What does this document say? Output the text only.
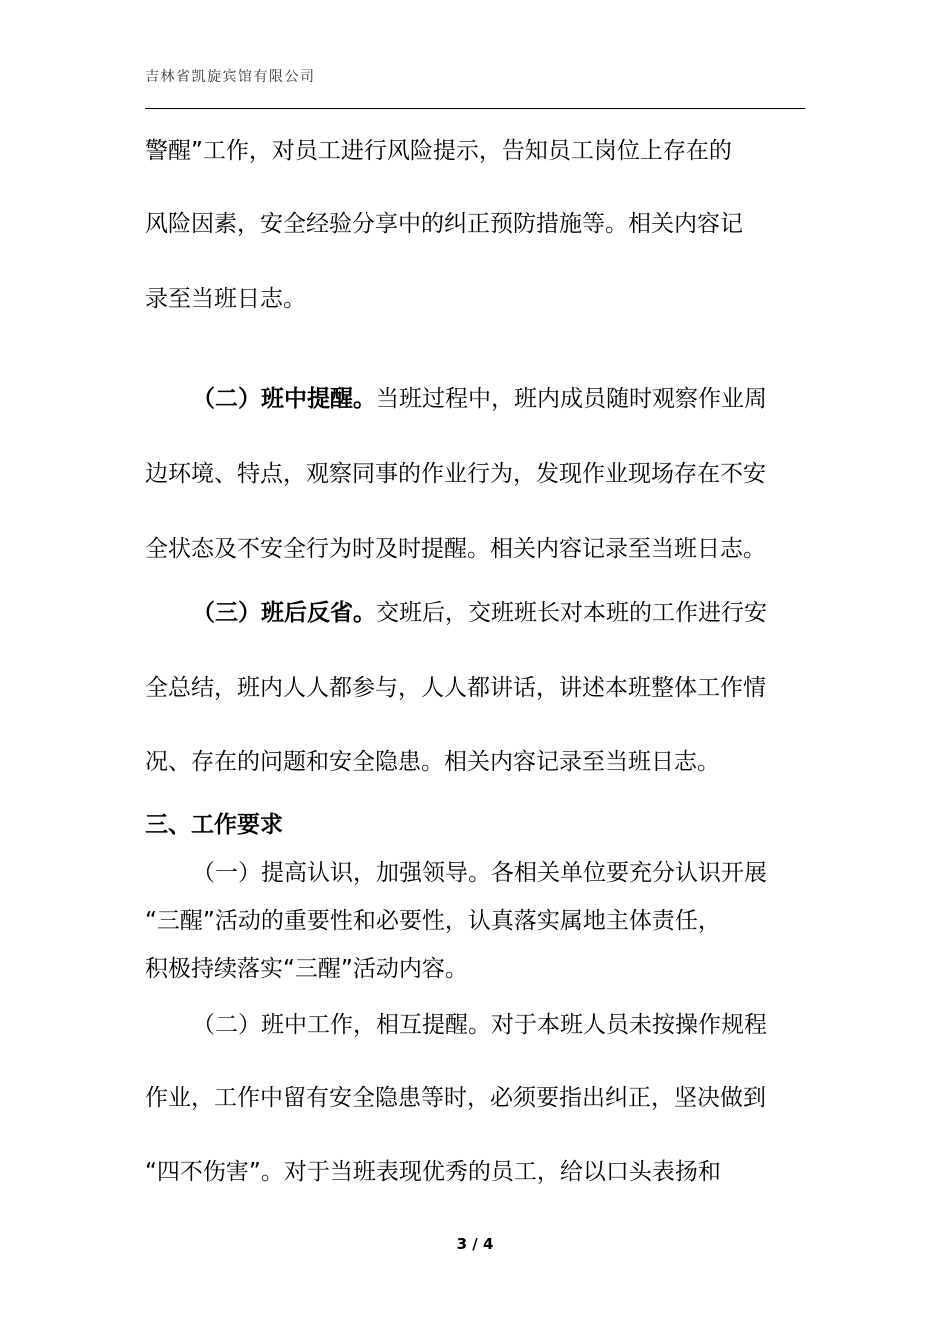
吉林省凯旋宾馆有限公司
警醒”工作，对员工进行风险提示，告知员工岗位上存在的
风险因素，安全经验分享中的纠正预防措施等。相关内容记
录至当班日志。
（二）班中提醒。当班过程中，班内成员随时观察作业周
边环境、特点，观察同事的作业行为，发现作业现场存在不安
全状态及不安全行为时及时提醒。相关内容记录至当班日志。
（三）班后反省。交班后，交班班长对本班的工作进行安
全总结，班内人人都参与，人人都讲话，讲述本班整体工作情
况、存在的问题和安全隐患。相关内容记录至当班日志。
三、工作要求
（一）提高认识，加强领导。各相关单位要充分认识开展
“三醒”活动的重要性和必要性，认真落实属地主体责任，
积极持续落实“三醒”活动内容。
（二）班中工作，相互提醒。对于本班人员未按操作规程
作业，工作中留有安全隐患等时，必须要指出纠正，坚决做到
“四不伤害”。对于当班表现优秀的员工，给以口头表扬和
3 / 4
